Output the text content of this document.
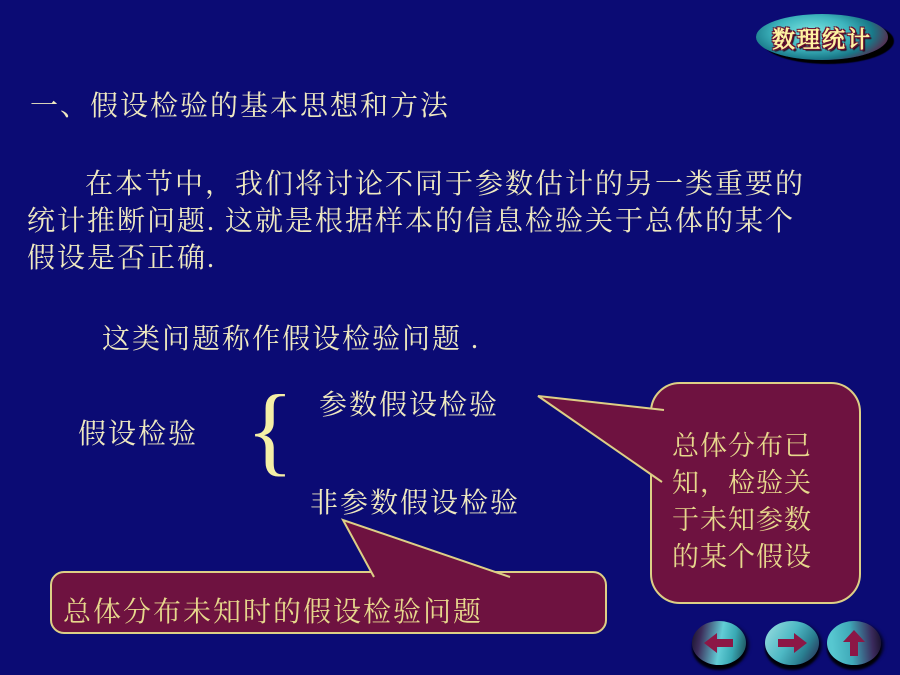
数理统计
一、假设检验的基本思想和方法
在本节中，我们将讨论不同于参数估计的另一类重要的统计推断问题. 这就是根据样本的信息检验关于总体的某个假设是否正确.
这类问题称作假设检验问题 .
假设检验 { 参数假设检验
非参数假设检验
总体分布已知，检验关于未知参数的某个假设
总体分布未知时的假设检验问题
